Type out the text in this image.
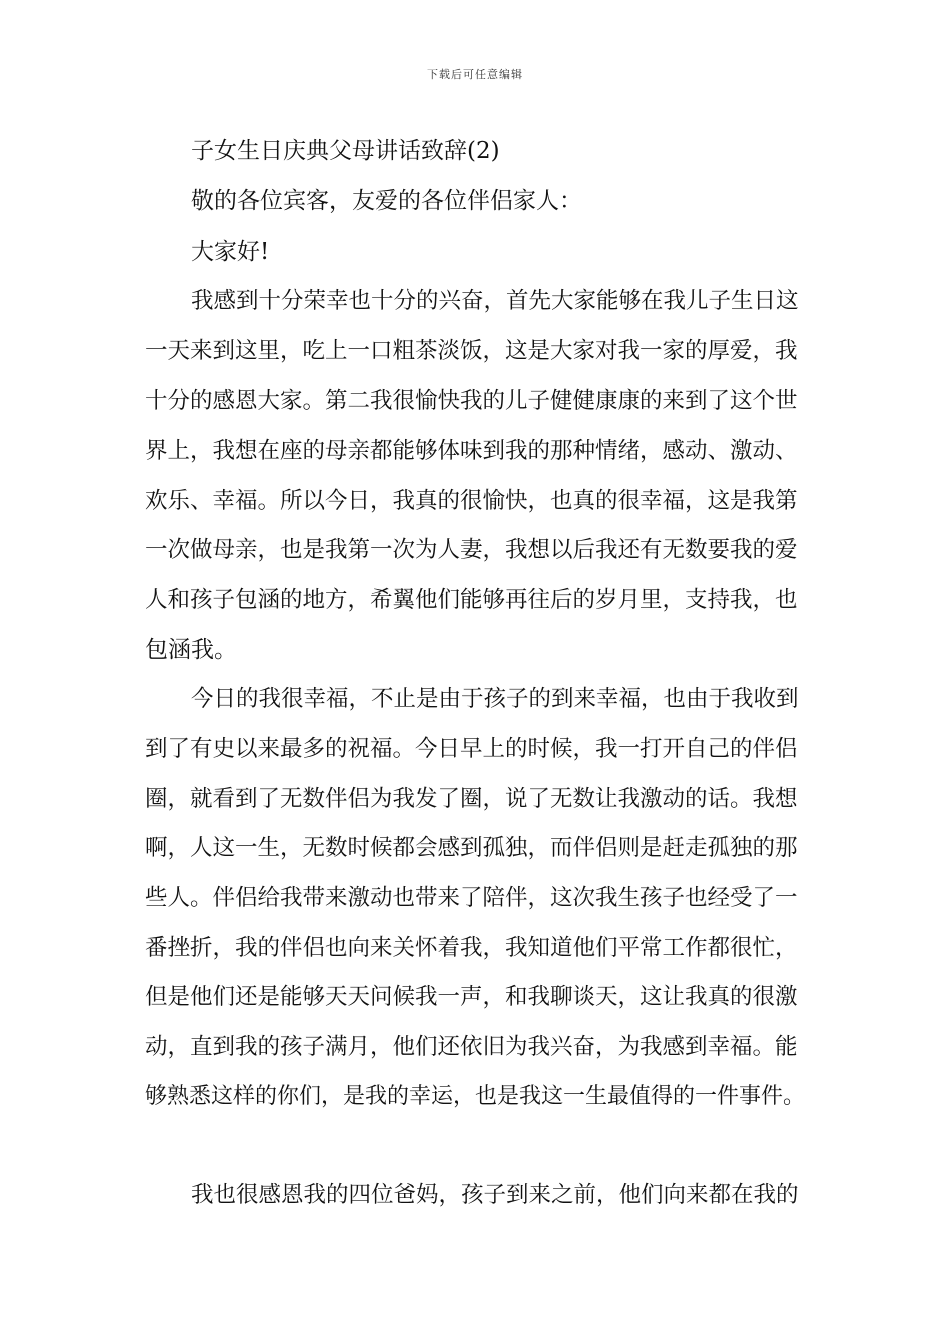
下载后可任意编辑
子女生日庆典父母讲话致辞(2)
敬的各位宾客，友爱的各位伴侣家人：
大家好!
我感到十分荣幸也十分的兴奋，首先大家能够在我儿子生日这
一天来到这里，吃上一口粗茶淡饭，这是大家对我一家的厚爱，我
十分的感恩大家。第二我很愉快我的儿子健健康康的来到了这个世
界上，我想在座的母亲都能够体味到我的那种情绪，感动、激动、
欢乐、幸福。所以今日，我真的很愉快，也真的很幸福，这是我第
一次做母亲，也是我第一次为人妻，我想以后我还有无数要我的爱
人和孩子包涵的地方，希翼他们能够再往后的岁月里，支持我，也
包涵我。
今日的我很幸福，不止是由于孩子的到来幸福，也由于我收到
到了有史以来最多的祝福。今日早上的时候，我一打开自己的伴侣
圈，就看到了无数伴侣为我发了圈，说了无数让我激动的话。我想
啊，人这一生，无数时候都会感到孤独，而伴侣则是赶走孤独的那
些人。伴侣给我带来激动也带来了陪伴，这次我生孩子也经受了一
番挫折，我的伴侣也向来关怀着我，我知道他们平常工作都很忙，
但是他们还是能够天天问候我一声，和我聊谈天，这让我真的很激
动，直到我的孩子满月，他们还依旧为我兴奋，为我感到幸福。能
够熟悉这样的你们，是我的幸运，也是我这一生最值得的一件事件。
我也很感恩我的四位爸妈，孩子到来之前，他们向来都在我的
